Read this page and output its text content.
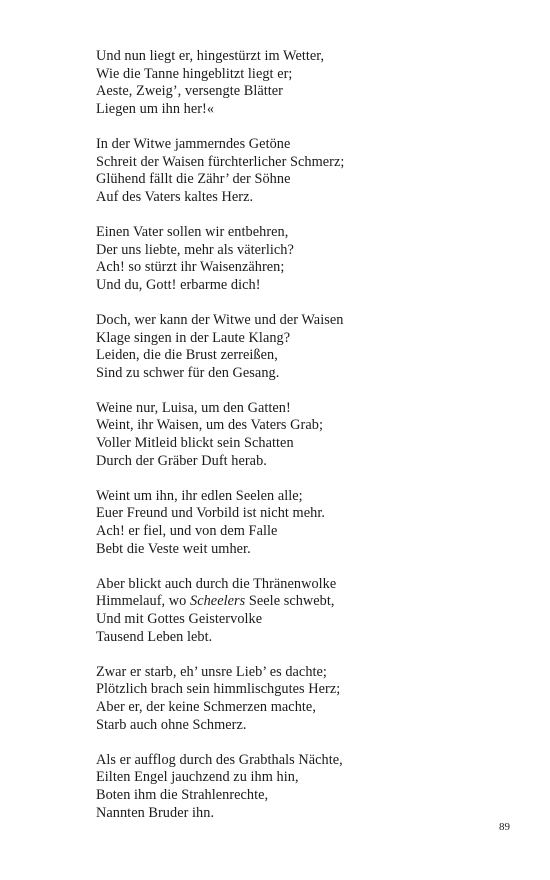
Und nun liegt er, hingestürzt im Wetter,
Wie die Tanne hingeblitzt liegt er;
Aeste, Zweig’, versengte Blätter
Liegen um ihn her!«
In der Witwe jammerndes Getöne
Schreit der Waisen fürchterlicher Schmerz;
Glühend fällt die Zähr’ der Söhne
Auf des Vaters kaltes Herz.
Einen Vater sollen wir entbehren,
Der uns liebte, mehr als väterlich?
Ach! so stürzt ihr Waisenzähren;
Und du, Gott! erbarme dich!
Doch, wer kann der Witwe und der Waisen
Klage singen in der Laute Klang?
Leiden, die die Brust zerreißen,
Sind zu schwer für den Gesang.
Weine nur, Luisa, um den Gatten!
Weint, ihr Waisen, um des Vaters Grab;
Voller Mitleid blickt sein Schatten
Durch der Gräber Duft herab.
Weint um ihn, ihr edlen Seelen alle;
Euer Freund und Vorbild ist nicht mehr.
Ach! er fiel, und von dem Falle
Bebt die Veste weit umher.
Aber blickt auch durch die Thränenwolke
Himmelauf, wo Scheelers Seele schwebt,
Und mit Gottes Geistervolke
Tausend Leben lebt.
Zwar er starb, eh’ unsre Lieb’ es dachte;
Plötzlich brach sein himmlischgutes Herz;
Aber er, der keine Schmerzen machte,
Starb auch ohne Schmerz.
Als er aufflog durch des Grabthals Nächte,
Eilten Engel jauchzend zu ihm hin,
Boten ihm die Strahlenrechte,
Nannten Bruder ihn.
89
